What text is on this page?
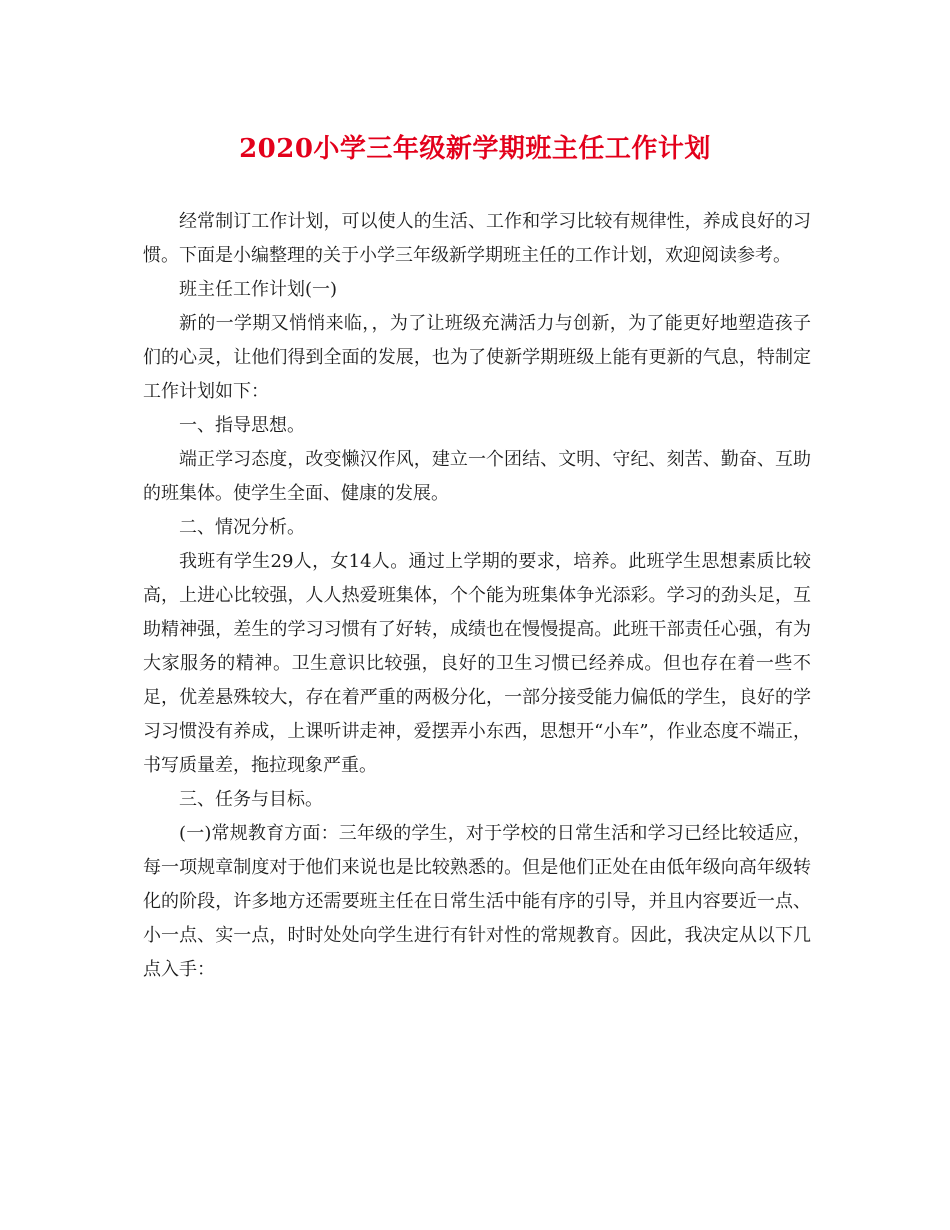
2020小学三年级新学期班主任工作计划

经常制订工作计划，可以使人的生活、工作和学习比较有规律性，养成良好的习惯。下面是小编整理的关于小学三年级新学期班主任的工作计划，欢迎阅读参考。

班主任工作计划(一)

新的一学期又悄悄来临，，为了让班级充满活力与创新，为了能更好地塑造孩子们的心灵，让他们得到全面的发展，也为了使新学期班级上能有更新的气息，特制定工作计划如下：

一、指导思想。

端正学习态度，改变懒汉作风，建立一个团结、文明、守纪、刻苦、勤奋、互助的班集体。使学生全面、健康的发展。

二、情况分析。

我班有学生29人，女14人。通过上学期的要求，培养。此班学生思想素质比较高，上进心比较强，人人热爱班集体，个个能为班集体争光添彩。学习的劲头足，互助精神强，差生的学习习惯有了好转，成绩也在慢慢提高。此班干部责任心强，有为大家服务的精神。卫生意识比较强，良好的卫生习惯已经养成。但也存在着一些不足，优差悬殊较大，存在着严重的两极分化，一部分接受能力偏低的学生，良好的学习习惯没有养成，上课听讲走神，爱摆弄小东西，思想开“小车”，作业态度不端正，书写质量差，拖拉现象严重。

三、任务与目标。

(一)常规教育方面：三年级的学生，对于学校的日常生活和学习已经比较适应，每一项规章制度对于他们来说也是比较熟悉的。但是他们正处在由低年级向高年级转化的阶段，许多地方还需要班主任在日常生活中能有序的引导，并且内容要近一点、小一点、实一点，时时处处向学生进行有针对性的常规教育。因此，我决定从以下几点入手：
